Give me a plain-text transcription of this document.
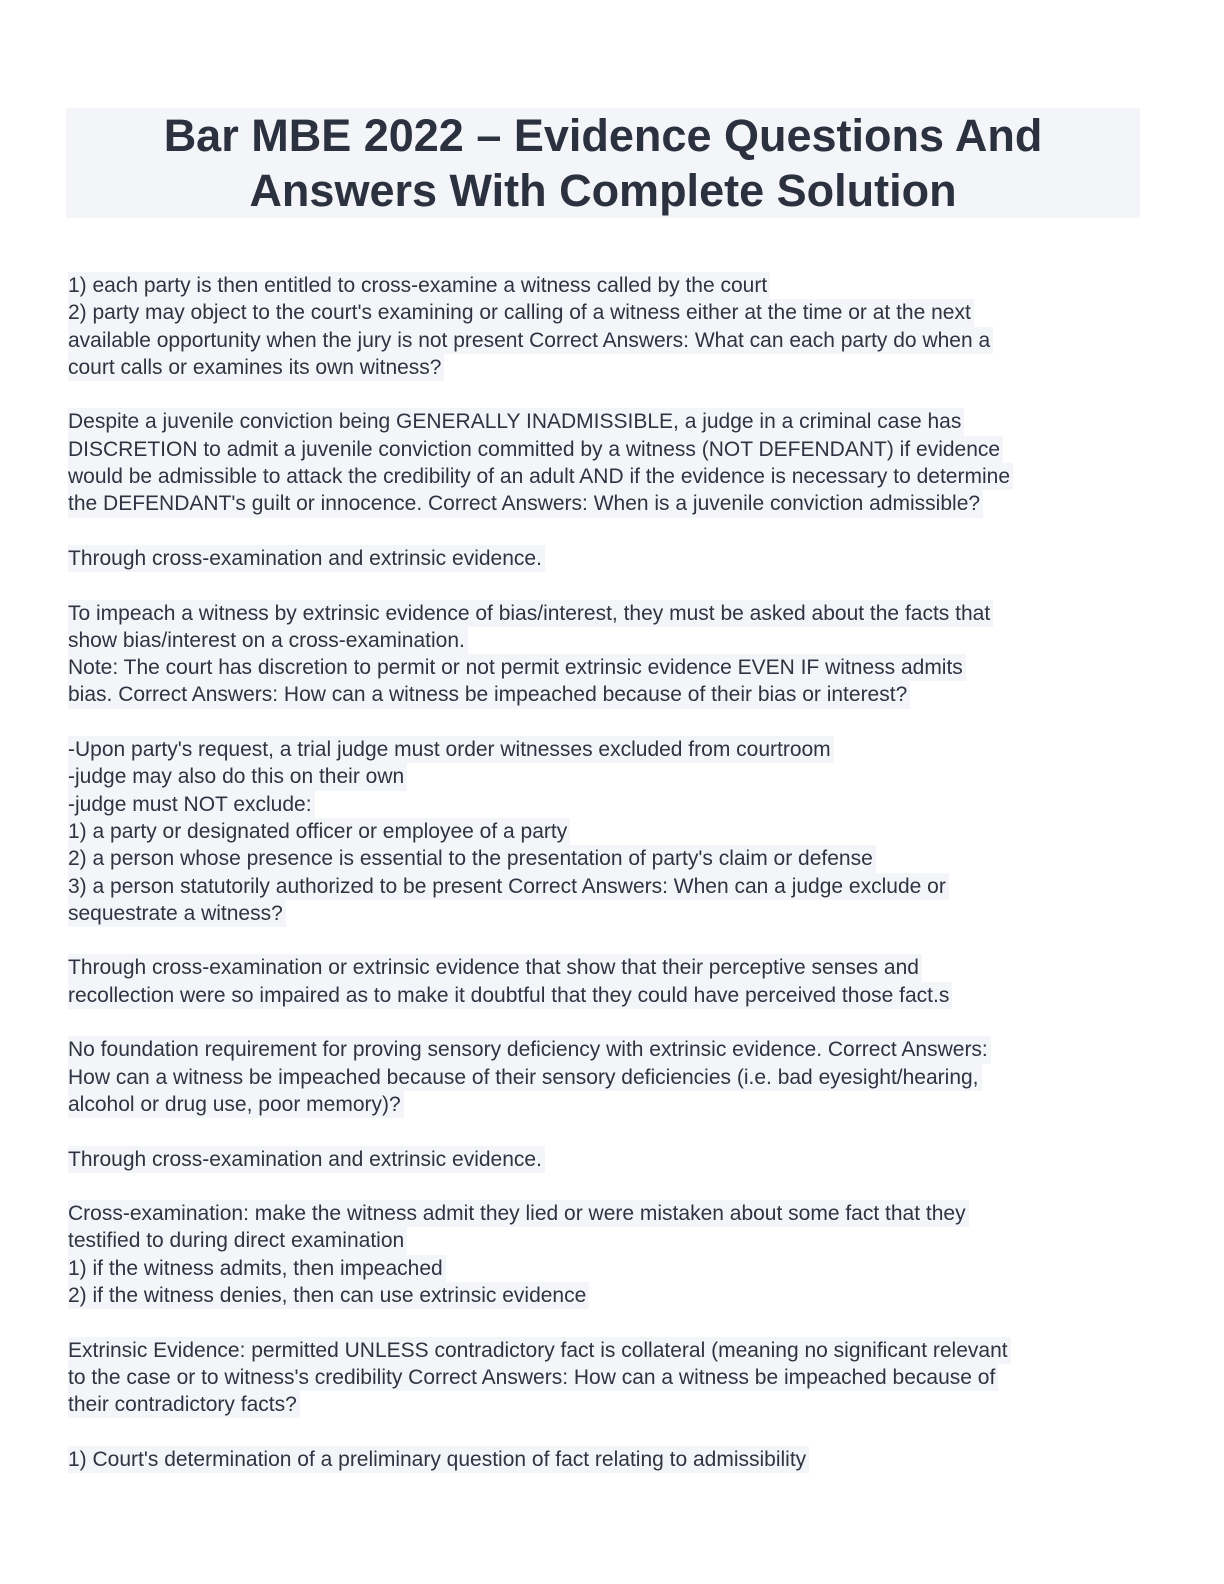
Bar MBE 2022 – Evidence Questions And
Answers With Complete Solution
1) each party is then entitled to cross-examine a witness called by the court
2) party may object to the court's examining or calling of a witness either at the time or at the next
available opportunity when the jury is not present Correct Answers: What can each party do when a
court calls or examines its own witness?
Despite a juvenile conviction being GENERALLY INADMISSIBLE, a judge in a criminal case has
DISCRETION to admit a juvenile conviction committed by a witness (NOT DEFENDANT) if evidence
would be admissible to attack the credibility of an adult AND if the evidence is necessary to determine
the DEFENDANT's guilt or innocence. Correct Answers: When is a juvenile conviction admissible?
Through cross-examination and extrinsic evidence.
To impeach a witness by extrinsic evidence of bias/interest, they must be asked about the facts that
show bias/interest on a cross-examination.
Note: The court has discretion to permit or not permit extrinsic evidence EVEN IF witness admits
bias. Correct Answers: How can a witness be impeached because of their bias or interest?
-Upon party's request, a trial judge must order witnesses excluded from courtroom
-judge may also do this on their own
-judge must NOT exclude:
1) a party or designated officer or employee of a party
2) a person whose presence is essential to the presentation of party's claim or defense
3) a person statutorily authorized to be present Correct Answers: When can a judge exclude or
sequestrate a witness?
Through cross-examination or extrinsic evidence that show that their perceptive senses and
recollection were so impaired as to make it doubtful that they could have perceived those fact.s
No foundation requirement for proving sensory deficiency with extrinsic evidence. Correct Answers:
How can a witness be impeached because of their sensory deficiencies (i.e. bad eyesight/hearing,
alcohol or drug use, poor memory)?
Through cross-examination and extrinsic evidence.
Cross-examination: make the witness admit they lied or were mistaken about some fact that they
testified to during direct examination
1) if the witness admits, then impeached
2) if the witness denies, then can use extrinsic evidence
Extrinsic Evidence: permitted UNLESS contradictory fact is collateral (meaning no significant relevant
to the case or to witness's credibility Correct Answers: How can a witness be impeached because of
their contradictory facts?
1) Court's determination of a preliminary question of fact relating to admissibility
